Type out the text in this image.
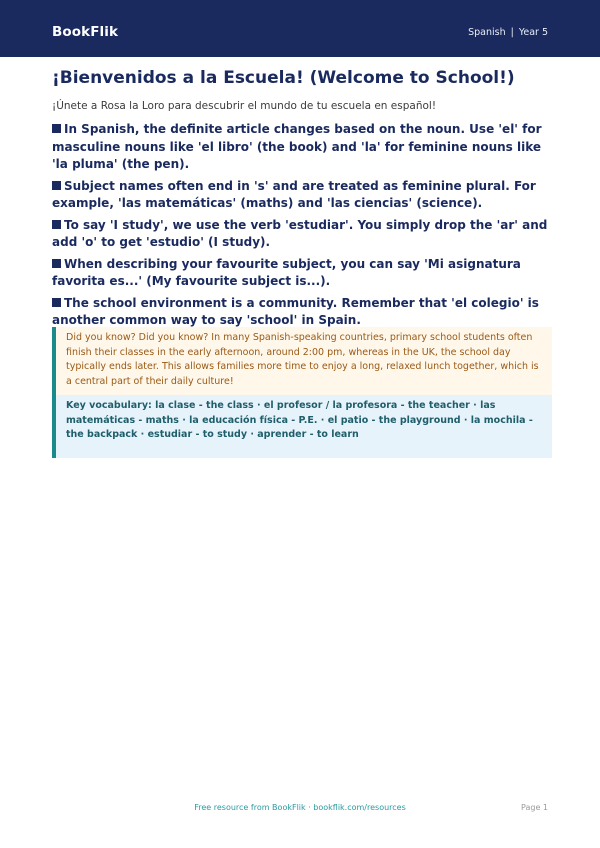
BookFlik	Spanish | Year 5
¡Bienvenidos a la Escuela! (Welcome to School!)

¡Únete a Rosa la Loro para descubrir el mundo de tu escuela en español!

In Spanish, the definite article changes based on the noun. Use 'el' for masculine nouns like 'el libro' (the book) and 'la' for feminine nouns like 'la pluma' (the pen).
Subject names often end in 's' and are treated as feminine plural. For example, 'las matemáticas' (maths) and 'las ciencias' (science).
To say 'I study', we use the verb 'estudiar'. You simply drop the 'ar' and add 'o' to get 'estudio' (I study).
When describing your favourite subject, you can say 'Mi asignatura favorita es...' (My favourite subject is...).
The school environment is a community. Remember that 'el colegio' is another common way to say 'school' in Spain.
Did you know? Did you know? In many Spanish-speaking countries, primary school students often finish their classes in the early afternoon, around 2:00 pm, whereas in the UK, the school day typically ends later. This allows families more time to enjoy a long, relaxed lunch together, which is a central part of their daily culture!
Key vocabulary: la clase - the class · el profesor / la profesora - the teacher · las matemáticas - maths · la educación física - P.E. · el patio - the playground · la mochila - the backpack · estudiar - to study · aprender - to learn
Free resource from BookFlik · bookflik.com/resources	Page 1
